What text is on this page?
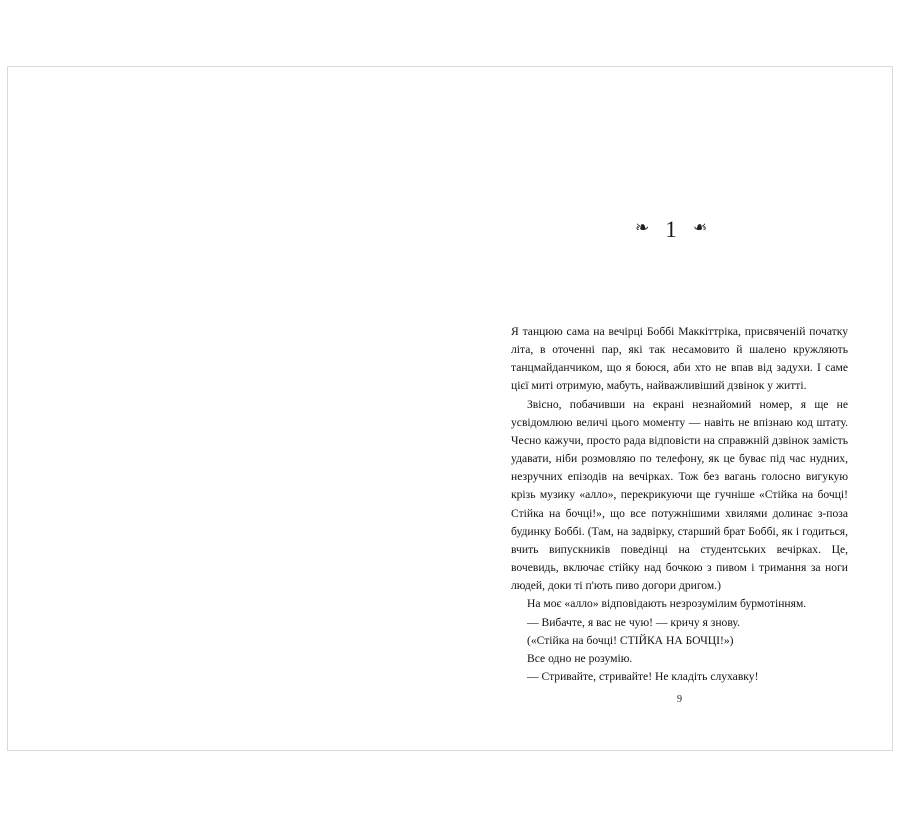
❧ 1 ❧

Я танцюю сама на вечірці Боббі Маккіттріка, присвяченій початку літа, в оточенні пар, які так несамовито й шалено кружляють танцмайданчиком, що я боюся, аби хто не впав від задухи. І саме цієї миті отримую, мабуть, найважливіший дзвінок у житті.

Звісно, побачивши на екрані незнайомий номер, я ще не усвідомлюю величі цього моменту — навіть не впізнаю код штату. Чесно кажучи, просто рада відповісти на справжній дзвінок замість удавати, ніби розмовляю по телефону, як це буває під час нудних, незручних епізодів на вечірках. Тож без вагань голосно вигукую крізь музику «алло», перекрикуючи ще гучніше «Стійка на бочці! Стійка на бочці!», що все потужнішими хвилями долинає з-поза будинку Боббі. (Там, на задвірку, старший брат Боббі, як і годиться, вчить випускників поведінці на студентських вечірках. Це, вочевидь, включає стійку над бочкою з пивом і тримання за ноги людей, доки ті п'ють пиво догори дригом.)

На моє «алло» відповідають незрозумілим бурмотінням.

— Вибачте, я вас не чую! — кричу я знову.

(«Стійка на бочці! СТІЙКА НА БОЧЦІ!»)

Все одно не розумію.

— Стривайте, стривайте! Не кладіть слухавку!

9
